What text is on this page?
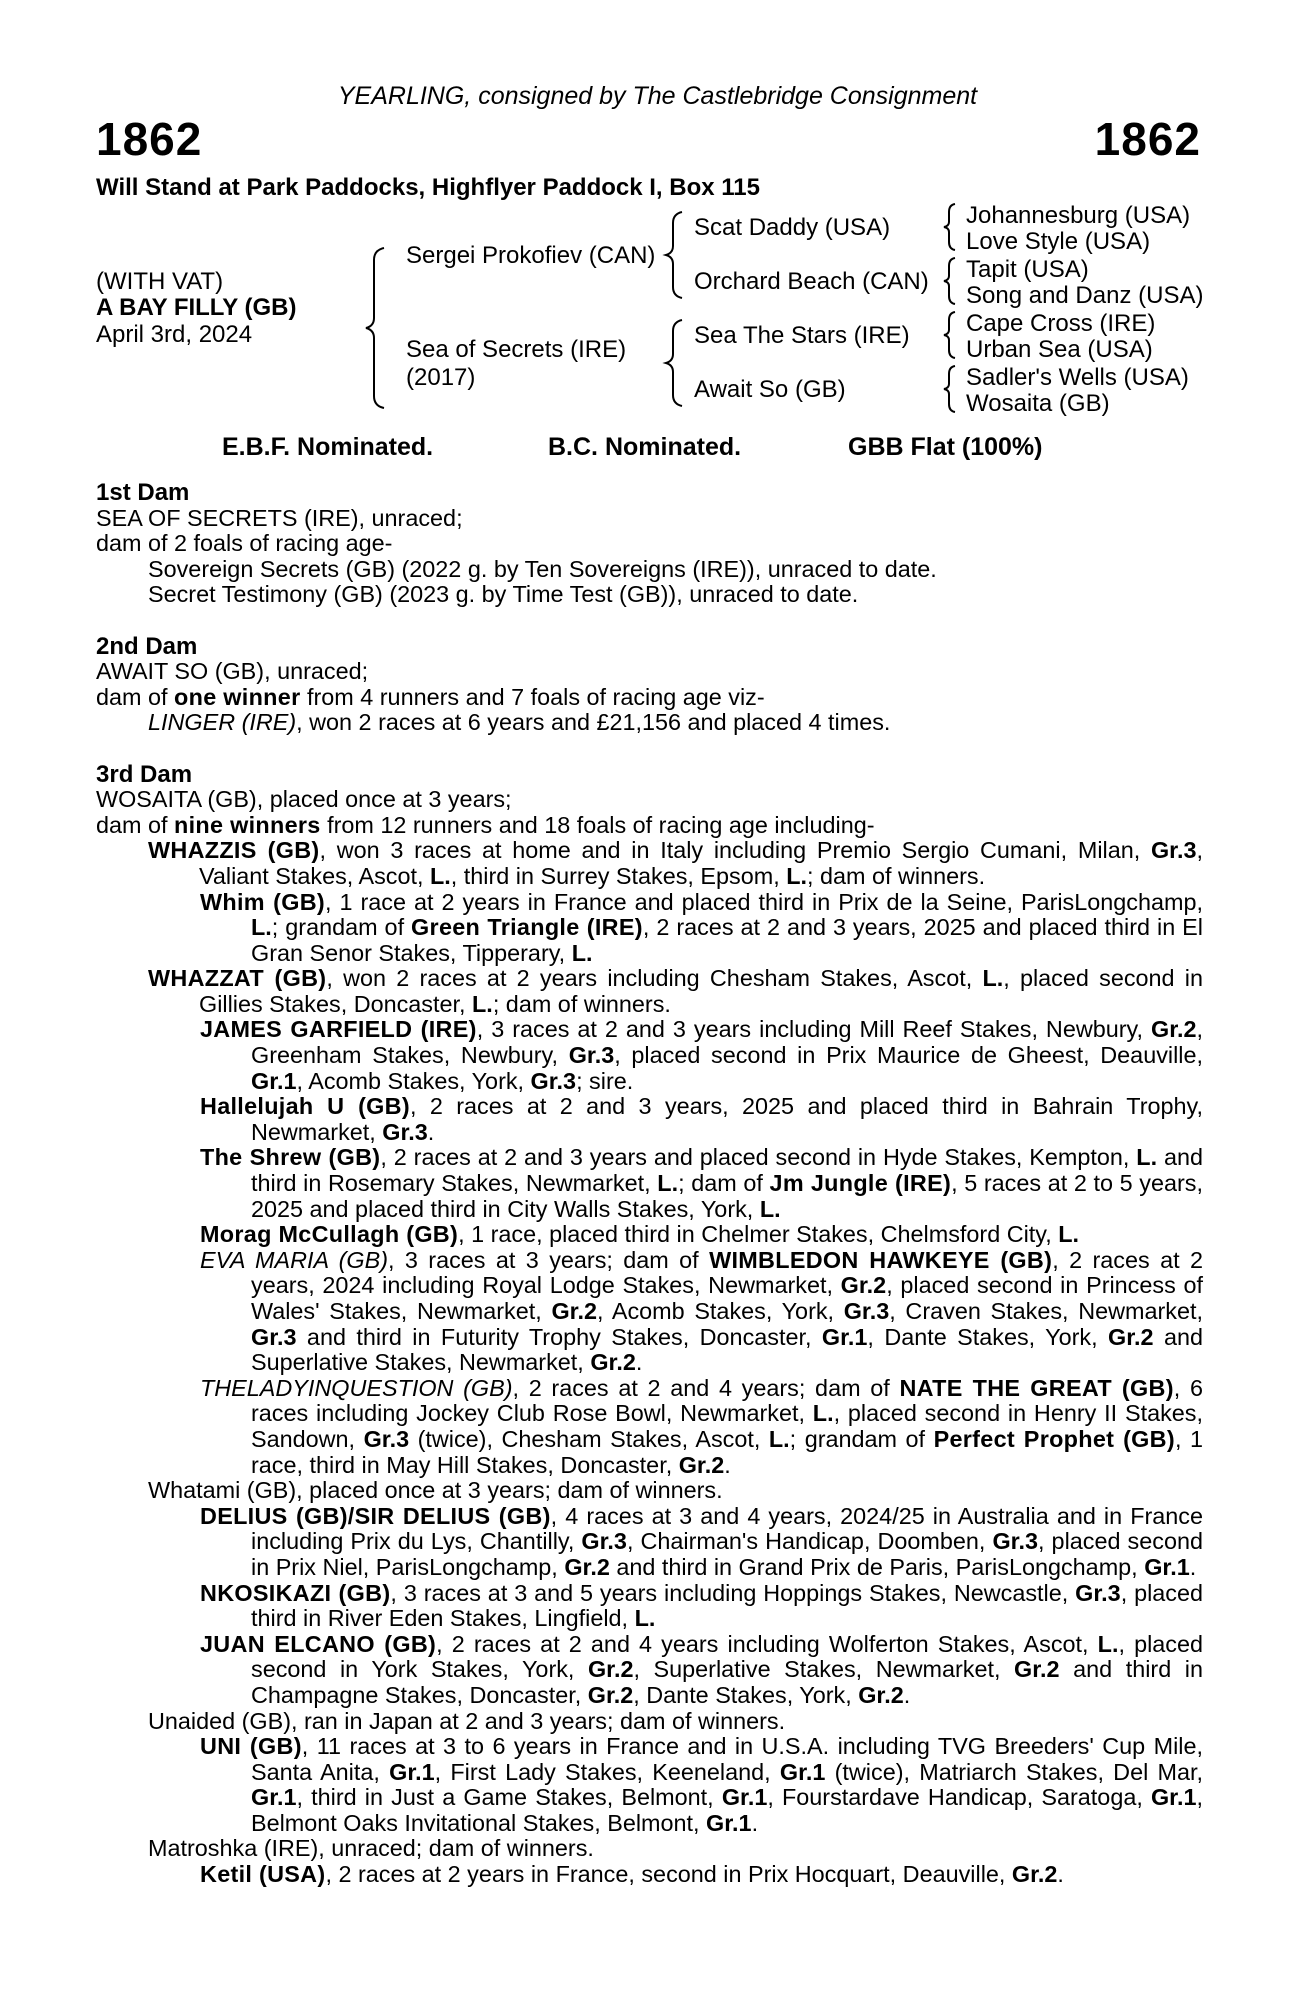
YEARLING, consigned by The Castlebridge Consignment
1862	1862
Will Stand at Park Paddocks, Highflyer Paddock I, Box 115
(WITH VAT)
A BAY FILLY (GB)
April 3rd, 2024
Sergei Prokofiev (CAN)
Sea of Secrets (IRE)
(2017)
Scat Daddy (USA)
Orchard Beach (CAN)
Sea The Stars (IRE)
Await So (GB)
Johannesburg (USA)
Love Style (USA)
Tapit (USA)
Song and Danz (USA)
Cape Cross (IRE)
Urban Sea (USA)
Sadler's Wells (USA)
Wosaita (GB)
E.B.F. Nominated.	B.C. Nominated.	GBB Flat (100%)

1st Dam

SEA OF SECRETS (IRE), unraced;

dam of 2 foals of racing age-

Sovereign Secrets (GB) (2022 g. by Ten Sovereigns (IRE)), unraced to date.

Secret Testimony (GB) (2023 g. by Time Test (GB)), unraced to date.

2nd Dam

AWAIT SO (GB), unraced;

dam of one winner from 4 runners and 7 foals of racing age viz-

LINGER (IRE), won 2 races at 6 years and £21,156 and placed 4 times.

3rd Dam

WOSAITA (GB), placed once at 3 years;

dam of nine winners from 12 runners and 18 foals of racing age including-

WHAZZIS (GB), won 3 races at home and in Italy including Premio Sergio Cumani, Milan, Gr.3, Valiant Stakes, Ascot, L., third in Surrey Stakes, Epsom, L.; dam of winners.

Whim (GB), 1 race at 2 years in France and placed third in Prix de la Seine, ParisLongchamp, L.; grandam of Green Triangle (IRE), 2 races at 2 and 3 years, 2025 and placed third in El Gran Senor Stakes, Tipperary, L.

WHAZZAT (GB), won 2 races at 2 years including Chesham Stakes, Ascot, L., placed second in Gillies Stakes, Doncaster, L.; dam of winners.

JAMES GARFIELD (IRE), 3 races at 2 and 3 years including Mill Reef Stakes, Newbury, Gr.2, Greenham Stakes, Newbury, Gr.3, placed second in Prix Maurice de Gheest, Deauville, Gr.1, Acomb Stakes, York, Gr.3; sire.

Hallelujah U (GB), 2 races at 2 and 3 years, 2025 and placed third in Bahrain Trophy, Newmarket, Gr.3.

The Shrew (GB), 2 races at 2 and 3 years and placed second in Hyde Stakes, Kempton, L. and third in Rosemary Stakes, Newmarket, L.; dam of Jm Jungle (IRE), 5 races at 2 to 5 years, 2025 and placed third in City Walls Stakes, York, L.

Morag McCullagh (GB), 1 race, placed third in Chelmer Stakes, Chelmsford City, L.

EVA MARIA (GB), 3 races at 3 years; dam of WIMBLEDON HAWKEYE (GB), 2 races at 2 years, 2024 including Royal Lodge Stakes, Newmarket, Gr.2, placed second in Princess of Wales' Stakes, Newmarket, Gr.2, Acomb Stakes, York, Gr.3, Craven Stakes, Newmarket, Gr.3 and third in Futurity Trophy Stakes, Doncaster, Gr.1, Dante Stakes, York, Gr.2 and Superlative Stakes, Newmarket, Gr.2.

THELADYINQUESTION (GB), 2 races at 2 and 4 years; dam of NATE THE GREAT (GB), 6 races including Jockey Club Rose Bowl, Newmarket, L., placed second in Henry II Stakes, Sandown, Gr.3 (twice), Chesham Stakes, Ascot, L.; grandam of Perfect Prophet (GB), 1 race, third in May Hill Stakes, Doncaster, Gr.2.

Whatami (GB), placed once at 3 years; dam of winners.

DELIUS (GB)/SIR DELIUS (GB), 4 races at 3 and 4 years, 2024/25 in Australia and in France including Prix du Lys, Chantilly, Gr.3, Chairman's Handicap, Doomben, Gr.3, placed second in Prix Niel, ParisLongchamp, Gr.2 and third in Grand Prix de Paris, ParisLongchamp, Gr.1.

NKOSIKAZI (GB), 3 races at 3 and 5 years including Hoppings Stakes, Newcastle, Gr.3, placed third in River Eden Stakes, Lingfield, L.

JUAN ELCANO (GB), 2 races at 2 and 4 years including Wolferton Stakes, Ascot, L., placed second in York Stakes, York, Gr.2, Superlative Stakes, Newmarket, Gr.2 and third in Champagne Stakes, Doncaster, Gr.2, Dante Stakes, York, Gr.2.

Unaided (GB), ran in Japan at 2 and 3 years; dam of winners.

UNI (GB), 11 races at 3 to 6 years in France and in U.S.A. including TVG Breeders' Cup Mile, Santa Anita, Gr.1, First Lady Stakes, Keeneland, Gr.1 (twice), Matriarch Stakes, Del Mar, Gr.1, third in Just a Game Stakes, Belmont, Gr.1, Fourstardave Handicap, Saratoga, Gr.1, Belmont Oaks Invitational Stakes, Belmont, Gr.1.

Matroshka (IRE), unraced; dam of winners.

Ketil (USA), 2 races at 2 years in France, second in Prix Hocquart, Deauville, Gr.2.
